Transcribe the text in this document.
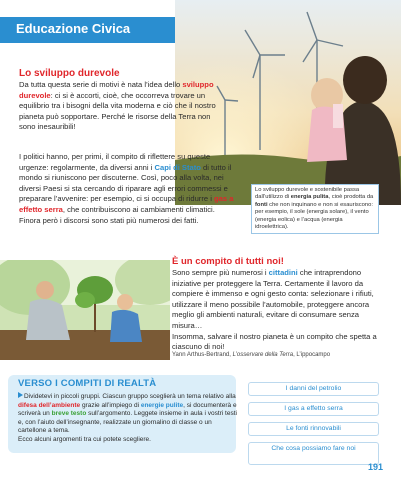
Educazione Civica
Lo sviluppo durevole

Da tutta questa serie di motivi è nata l’idea dello sviluppo durevole: ci si è accorti, cioè, che occorreva trovare un equilibrio tra i bisogni della vita moderna e ciò che il nostro pianeta può sopportare. Perché le risorse della Terra non sono inesauribili!

I politici hanno, per primi, il compito di riflettere su queste urgenze: regolarmente, da diversi anni i Capi di Stato di tutto il mondo si riuniscono per discuterne. Così, poco alla volta, nei diversi Paesi si sta cercando di riparare agli errori commessi e preparare l’avvenire: per esempio, ci si occupa di ridurre i gas a effetto serra, che contribuiscono ai cambiamenti climatici.
Finora però i discorsi sono stati più numerosi dei fatti.

Lo sviluppo durevole e sostenibile passa dall’utilizzo di energia pulita, cioè prodotta da fonti che non inquinano e non si esauriscono: per esempio, il sole (energia solare), il vento (energia eolica) e l’acqua (energia idroelettrica).
È un compito di tutti noi!

Sono sempre più numerosi i cittadini che intraprendono iniziative per proteggere la Terra. Certamente il lavoro da compiere è immenso e ogni gesto conta: selezionare i rifiuti, utilizzare il meno possibile l’automobile, proteggere ancora meglio gli ambienti naturali, evitare di consumare senza misura…
Insomma, salvare il nostro pianeta è un compito che spetta a ciascuno di noi!

Yann Arthus-Bertrand, L’osservare della Terra, L’ippocampo
VERSO I COMPITI DI REALTÀ

Dividetevi in piccoli gruppi. Ciascun gruppo sceglierà un tema relativo alla difesa dell’ambiente grazie all’impiego di energie pulite, si documenterà e scriverà un breve testo sull’argomento. Leggete insieme in aula i vostri testi e, con l’aiuto dell’insegnante, realizzate un giornalino di classe o un cartellone a tema.
Ecco alcuni argomenti tra cui potete scegliere.

I danni del petrolio
I gas a effetto serra
Le fonti rinnovabili
Che cosa possiamo fare noi
191
